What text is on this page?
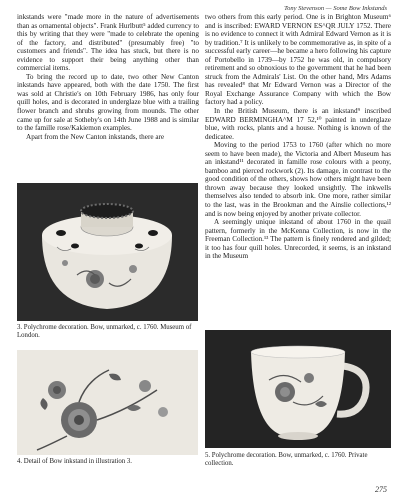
Tony Stevenson — Some Bow Inkstands

inkstands were "made more in the nature of advertisements than as ornamental objects". Frank Hurlbutt⁵ added currency to this by writing that they were "made to celebrate the opening of the factory, and distributed" (presumably free) "to customers and friends". The idea has stuck, but there is no evidence to support their being anything other than commercial items.

To bring the record up to date, two other New Canton inkstands have appeared, both with the date 1750. The first was sold at Christie's on 10th February 1986, has only four quill holes, and is decorated in underglaze blue with a trailing flower branch and shrubs growing from mounds. The other came up for sale at Sotheby's on 14th June 1988 and is similar to the famille rose/Kakiemon examples.

Apart from the New Canton inkstands, there are

two others from this early period. One is in Brighton Museum⁶ and is inscribed: EWARD VERNON ES^QR JULY 1752. There is no evidence to connect it with Admiral Edward Vernon as it is by tradition.⁷ It is unlikely to be commemorative as, in spite of a successful early career—he became a hero following his capture of Portobello in 1739—by 1752 he was old, in compulsory retirement and so obnoxious to the government that he had been struck from the Admirals' List. On the other hand, Mrs Adams has revealed⁸ that Mr Edward Vernon was a Director of the Royal Exchange Assurance Company with which the Bow factory had a policy.

In the British Museum, there is an inkstand⁹ inscribed EDWARD BERMINGHA^M 17 52,¹⁰ painted in underglaze blue, with rocks, plants and a house. Nothing is known of the dedicatee.

Moving to the period 1753 to 1760 (after which no more seem to have been made), the Victoria and Albert Museum has an inkstand¹¹ decorated in famille rose colours with a peony, bamboo and pierced rockwork (2). Its damage, in contrast to the good condition of the others, shows how others might have been thrown away because they looked unsightly. The inkwells themselves also tended to absorb ink. One more, rather similar to the last, was in the Brookman and the Ainslie collections,¹² and is now being enjoyed by another private collector.

A seemingly unique inkstand of about 1760 in the quail pattern, formerly in the McKenna Collection, is now in the Freeman Collection.¹³ The pattern is finely rendered and gilded; it too has four quill holes. Unrecorded, it seems, is an inkstand in the Museum

3. Polychrome decoration. Bow, unmarked, c. 1760. Museum of London.
4. Detail of Bow inkstand in illustration 3.
5. Polychrome decoration. Bow, unmarked, c. 1760. Private collection.
275
